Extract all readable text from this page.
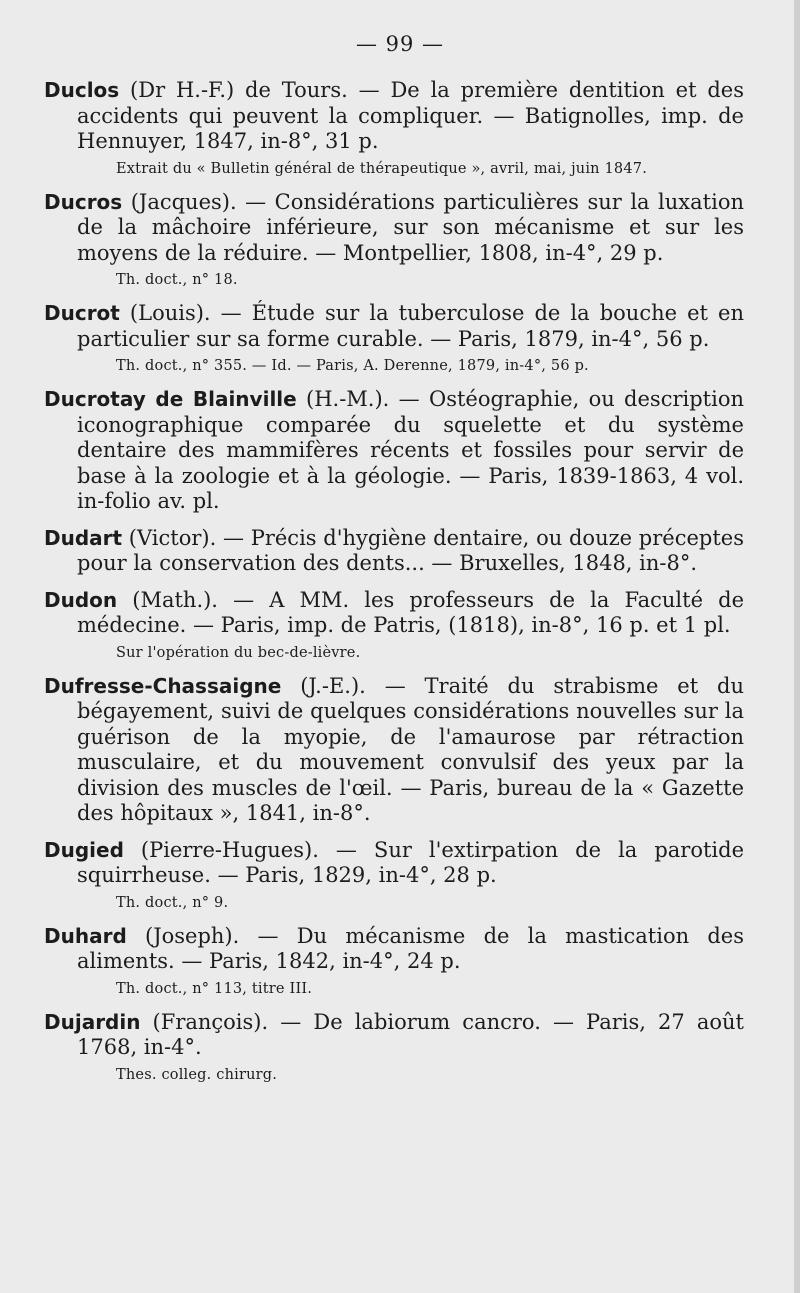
— 99 —

Duclos (Dr H.-F.) de Tours. — De la première dentition et des accidents qui peuvent la compliquer. — Batignolles, imp. de Hennuyer, 1847, in-8°, 31 p.

Extrait du « Bulletin général de thérapeutique », avril, mai, juin 1847.

Ducros (Jacques). — Considérations particulières sur la luxation de la mâchoire inférieure, sur son mécanisme et sur les moyens de la réduire. — Montpellier, 1808, in-4°, 29 p.

Th. doct., n° 18.

Ducrot (Louis). — Étude sur la tuberculose de la bouche et en particulier sur sa forme curable. — Paris, 1879, in-4°, 56 p.

Th. doct., n° 355. — Id. — Paris, A. Derenne, 1879, in-4°, 56 p.

Ducrotay de Blainville (H.-M.). — Ostéographie, ou description iconographique comparée du squelette et du système dentaire des mammifères récents et fossiles pour servir de base à la zoologie et à la géologie. — Paris, 1839-1863, 4 vol. in-folio av. pl.

Dudart (Victor). — Précis d'hygiène dentaire, ou douze préceptes pour la conservation des dents... — Bruxelles, 1848, in-8°.

Dudon (Math.). — A MM. les professeurs de la Faculté de médecine. — Paris, imp. de Patris, (1818), in-8°, 16 p. et 1 pl.

Sur l'opération du bec-de-lièvre.

Dufresse-Chassaigne (J.-E.). — Traité du strabisme et du bégayement, suivi de quelques considérations nouvelles sur la guérison de la myopie, de l'amaurose par rétraction musculaire, et du mouvement convulsif des yeux par la division des muscles de l'œil. — Paris, bureau de la « Gazette des hôpitaux », 1841, in-8°.

Dugied (Pierre-Hugues). — Sur l'extirpation de la parotide squirrheuse. — Paris, 1829, in-4°, 28 p.

Th. doct., n° 9.

Duhard (Joseph). — Du mécanisme de la mastication des aliments. — Paris, 1842, in-4°, 24 p.

Th. doct., n° 113, titre III.

Dujardin (François). — De labiorum cancro. — Paris, 27 août 1768, in-4°.

Thes. colleg. chirurg.
